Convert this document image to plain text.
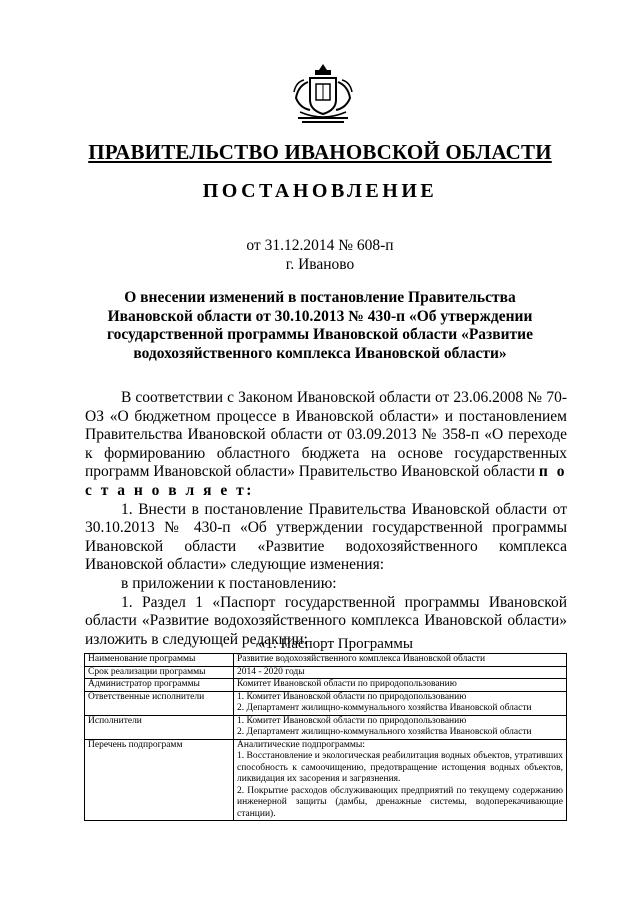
ПРАВИТЕЛЬСТВО ИВАНОВСКОЙ ОБЛАСТИ
ПОСТАНОВЛЕНИЕ
от 31.12.2014 № 608-п
г. Иваново
О внесении изменений в постановление Правительства Ивановской области от 30.10.2013 № 430-п «Об утверждении государственной программы Ивановской области «Развитие водохозяйственного комплекса Ивановской области»

В соответствии с Законом Ивановской области от 23.06.2008 № 70-ОЗ «О бюджетном процессе в Ивановской области» и постановлением Правительства Ивановской области от 03.09.2013 № 358-п «О переходе к формированию областного бюджета на основе государственных программ Ивановской области» Правительство Ивановской области п о с т а н о в л я е т:

1. Внести в постановление Правительства Ивановской области от 30.10.2013 № 430-п «Об утверждении государственной программы Ивановской области «Развитие водохозяйственного комплекса Ивановской области» следующие изменения:

в приложении к постановлению:

1. Раздел 1 «Паспорт государственной программы Ивановской области «Развитие водохозяйственного комплекса Ивановской области» изложить в следующей редакции:

«1. Паспорт Программы
Наименование программы	Развитие водохозяйственного комплекса Ивановской области

Срок реализации программы	2014 - 2020 годы

Администратор программы	Комитет Ивановской области по природопользованию

Ответственные исполнители	1. Комитет Ивановской области по природопользованию
2. Департамент жилищно-коммунального хозяйства Ивановской области

Исполнители	1. Комитет Ивановской области по природопользованию
2. Департамент жилищно-коммунального хозяйства Ивановской области

Перечень подпрограмм	Аналитические подпрограммы:
1. Восстановление и экологическая реабилитация водных объектов, утративших способность к самоочищению, предотвращение истощения водных объектов, ликвидация их засорения и загрязнения.
2. Покрытие расходов обслуживающих предприятий по текущему содержанию инженерной защиты (дамбы, дренажные системы, водоперекачивающие станции).
